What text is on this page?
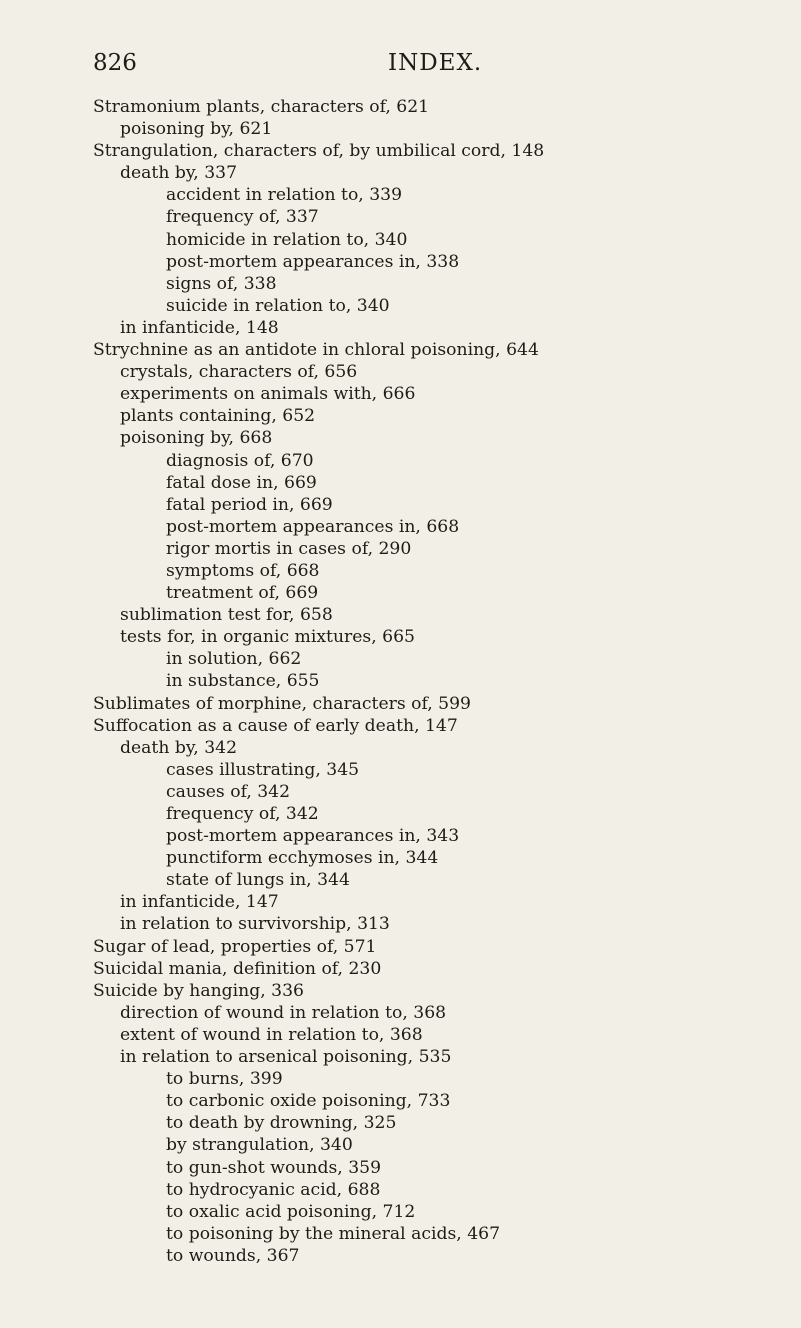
826	INDEX.
Stramonium plants, characters of, 621
poisoning by, 621
Strangulation, characters of, by umbilical cord, 148
death by, 337
accident in relation to, 339
frequency of, 337
homicide in relation to, 340
post-mortem appearances in, 338
signs of, 338
suicide in relation to, 340
in infanticide, 148
Strychnine as an antidote in chloral poisoning, 644
crystals, characters of, 656
experiments on animals with, 666
plants containing, 652
poisoning by, 668
diagnosis of, 670
fatal dose in, 669
fatal period in, 669
post-mortem appearances in, 668
rigor mortis in cases of, 290
symptoms of, 668
treatment of, 669
sublimation test for, 658
tests for, in organic mixtures, 665
in solution, 662
in substance, 655
Sublimates of morphine, characters of, 599
Suffocation as a cause of early death, 147
death by, 342
cases illustrating, 345
causes of, 342
frequency of, 342
post-mortem appearances in, 343
punctiform ecchymoses in, 344
state of lungs in, 344
in infanticide, 147
in relation to survivorship, 313
Sugar of lead, properties of, 571
Suicidal mania, definition of, 230
Suicide by hanging, 336
direction of wound in relation to, 368
extent of wound in relation to, 368
in relation to arsenical poisoning, 535
to burns, 399
to carbonic oxide poisoning, 733
to death by drowning, 325
by strangulation, 340
to gun-shot wounds, 359
to hydrocyanic acid, 688
to oxalic acid poisoning, 712
to poisoning by the mineral acids, 467
to wounds, 367
